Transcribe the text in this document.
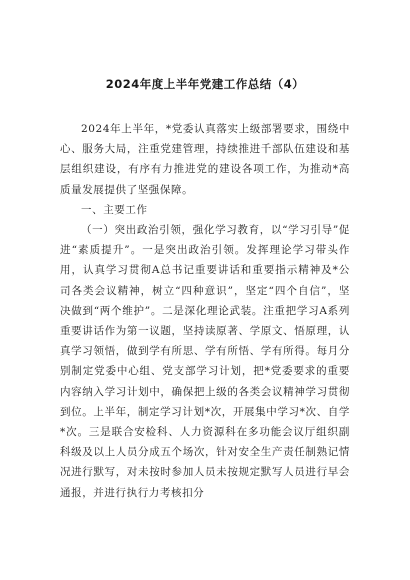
2024年度上半年党建工作总结（4）

2024年上半年，*党委认真落实上级部署要求，围绕中心、服务大局，注重党建管理，持续推进千部队伍建设和基层组织建设，有序有力推进党的建设各项工作，为推动*高质量发展提供了坚强保障。

一、主要工作

（一）突出政治引领，强化学习教育，以“学习引导”促进“素质提升”。一是突出政治引领。发挥理论学习带头作用，认真学习贯彻A总书记重要讲话和重要指示精神及*公司各类会议精神，树立“四种意识”，坚定“四个自信”，坚决做到“两个维护”。二是深化理论武装。注重把学习A系列重要讲话作为第一议题，坚持读原著、学原文、悟原理，认真学习领悟，做到学有所思、学有所悟、学有所得。每月分别制定党委中心组、党支部学习计划，把*党委要求的重要内容纳入学习计划中，确保把上级的各类会议精神学习贯彻到位。上半年，制定学习计划*次，开展集中学习*次、自学*次。三是联合安检科、人力资源科在多功能会议厅组织副科级及以上人员分成五个场次，针对安全生产责任制熟记情况进行默写，对未按时参加人员未按规定默写人员进行早会通报，并进行执行力考核扣分
